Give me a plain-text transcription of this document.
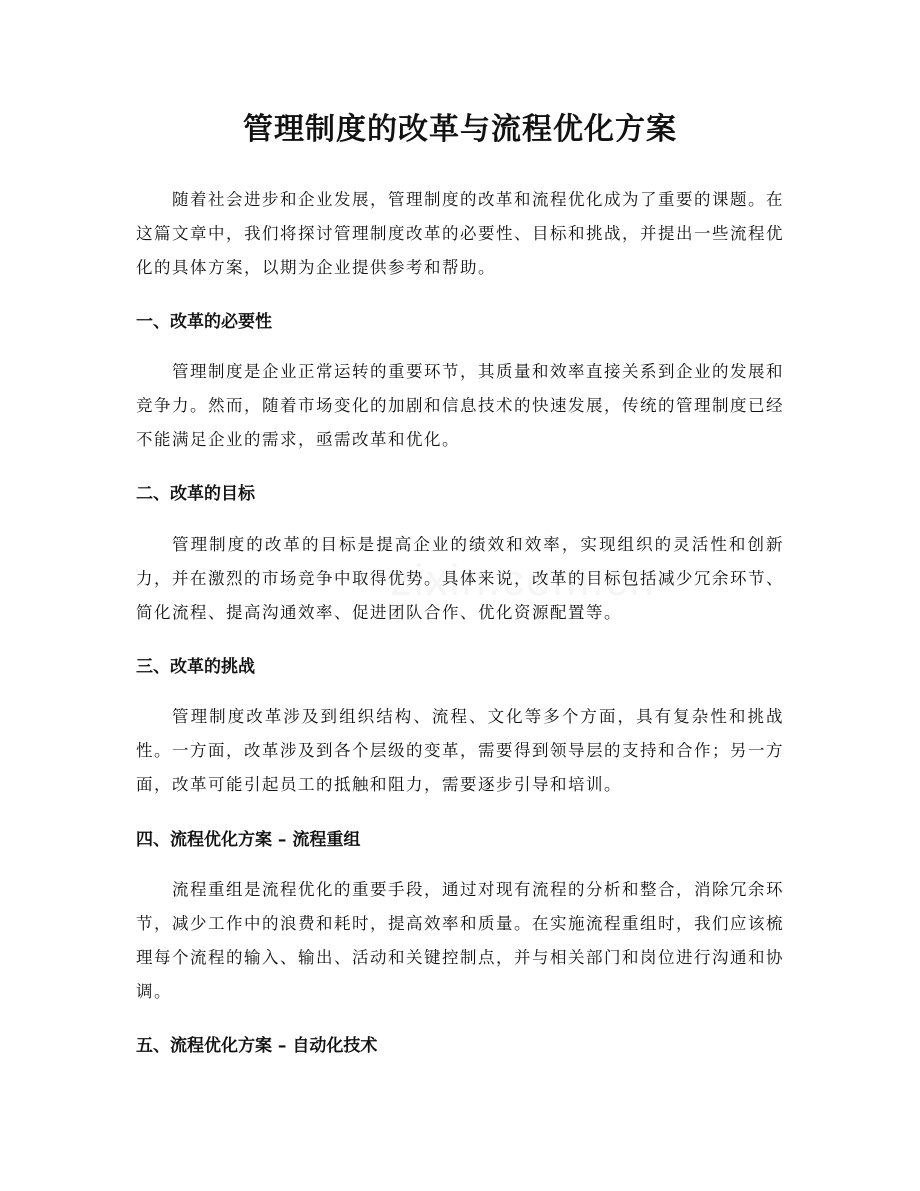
管理制度的改革与流程优化方案

随着社会进步和企业发展，管理制度的改革和流程优化成为了重要的课题。在这篇文章中，我们将探讨管理制度改革的必要性、目标和挑战，并提出一些流程优化的具体方案，以期为企业提供参考和帮助。

一、改革的必要性

管理制度是企业正常运转的重要环节，其质量和效率直接关系到企业的发展和竞争力。然而，随着市场变化的加剧和信息技术的快速发展，传统的管理制度已经不能满足企业的需求，亟需改革和优化。

二、改革的目标

管理制度的改革的目标是提高企业的绩效和效率，实现组织的灵活性和创新力，并在激烈的市场竞争中取得优势。具体来说，改革的目标包括减少冗余环节、简化流程、提高沟通效率、促进团队合作、优化资源配置等。

三、改革的挑战

管理制度改革涉及到组织结构、流程、文化等多个方面，具有复杂性和挑战性。一方面，改革涉及到各个层级的变革，需要得到领导层的支持和合作；另一方面，改革可能引起员工的抵触和阻力，需要逐步引导和培训。

四、流程优化方案 – 流程重组

流程重组是流程优化的重要手段，通过对现有流程的分析和整合，消除冗余环节，减少工作中的浪费和耗时，提高效率和质量。在实施流程重组时，我们应该梳理每个流程的输入、输出、活动和关键控制点，并与相关部门和岗位进行沟通和协调。

五、流程优化方案 – 自动化技术
